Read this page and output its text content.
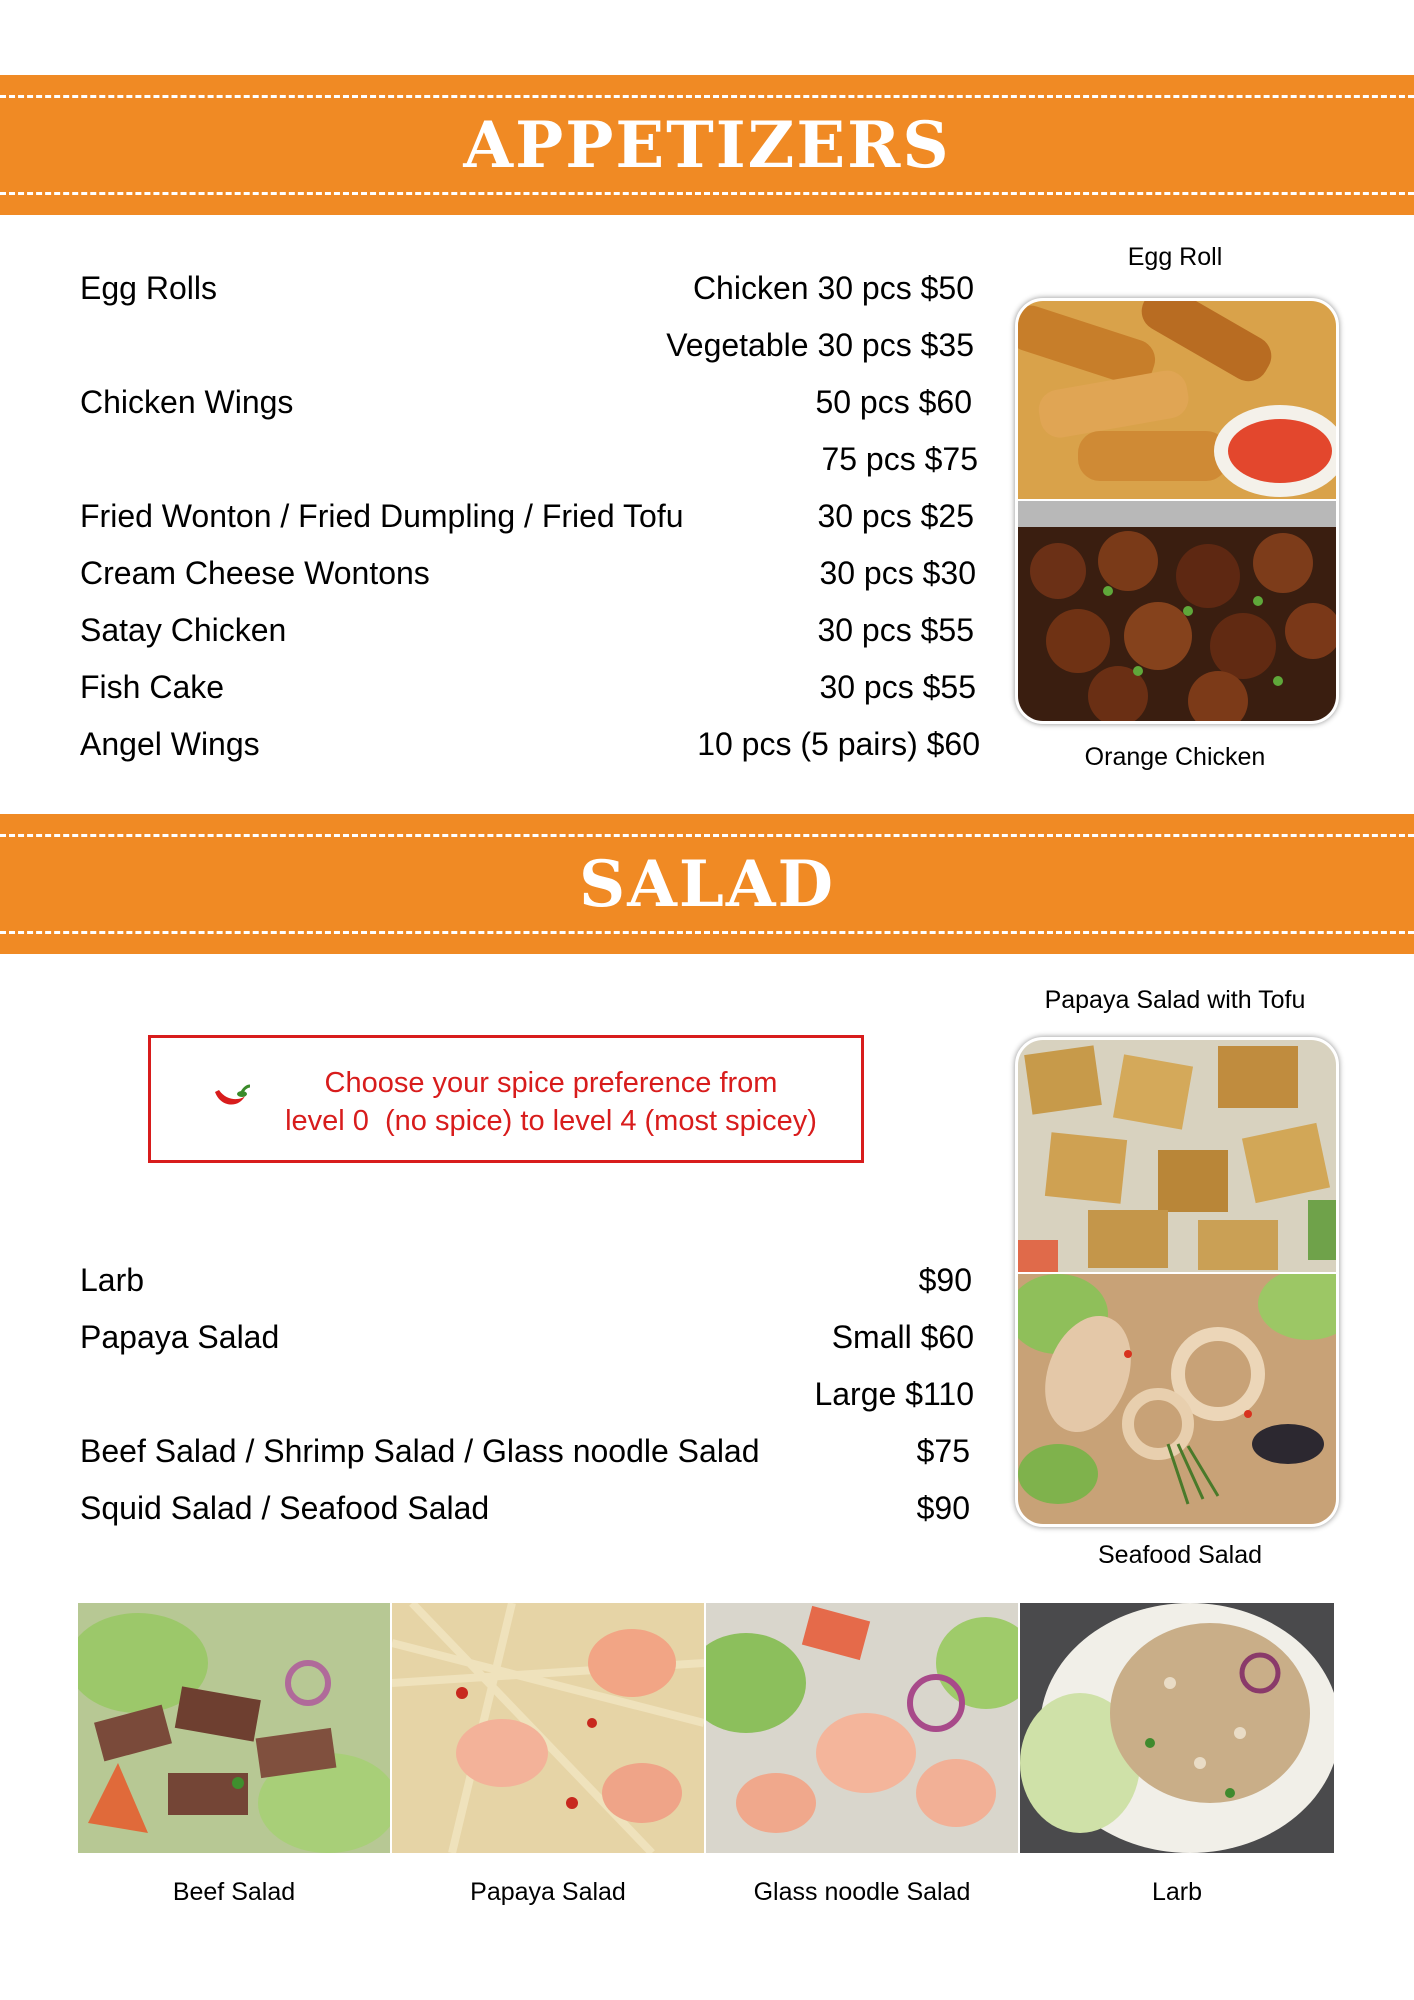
APPETIZERS
Egg Rolls	Chicken 30 pcs $50
Vegetable 30 pcs $35
Chicken Wings	50 pcs $60
75 pcs $75
Fried Wonton / Fried Dumpling / Fried Tofu	30 pcs $25
Cream Cheese Wontons	30 pcs $30
Satay Chicken	30 pcs $55
Fish Cake	30 pcs $55
Angel Wings	10 pcs (5 pairs) $60
Egg Roll
Orange Chicken
SALAD
Choose your spice preference from
level 0  (no spice) to level 4 (most spicey)
Larb	$90
Papaya Salad	Small $60
Large $110
Beef Salad / Shrimp Salad / Glass noodle Salad	$75
Squid Salad / Seafood Salad	$90
Papaya Salad with Tofu
Seafood Salad
Beef Salad	Papaya Salad	Glass noodle Salad	Larb
